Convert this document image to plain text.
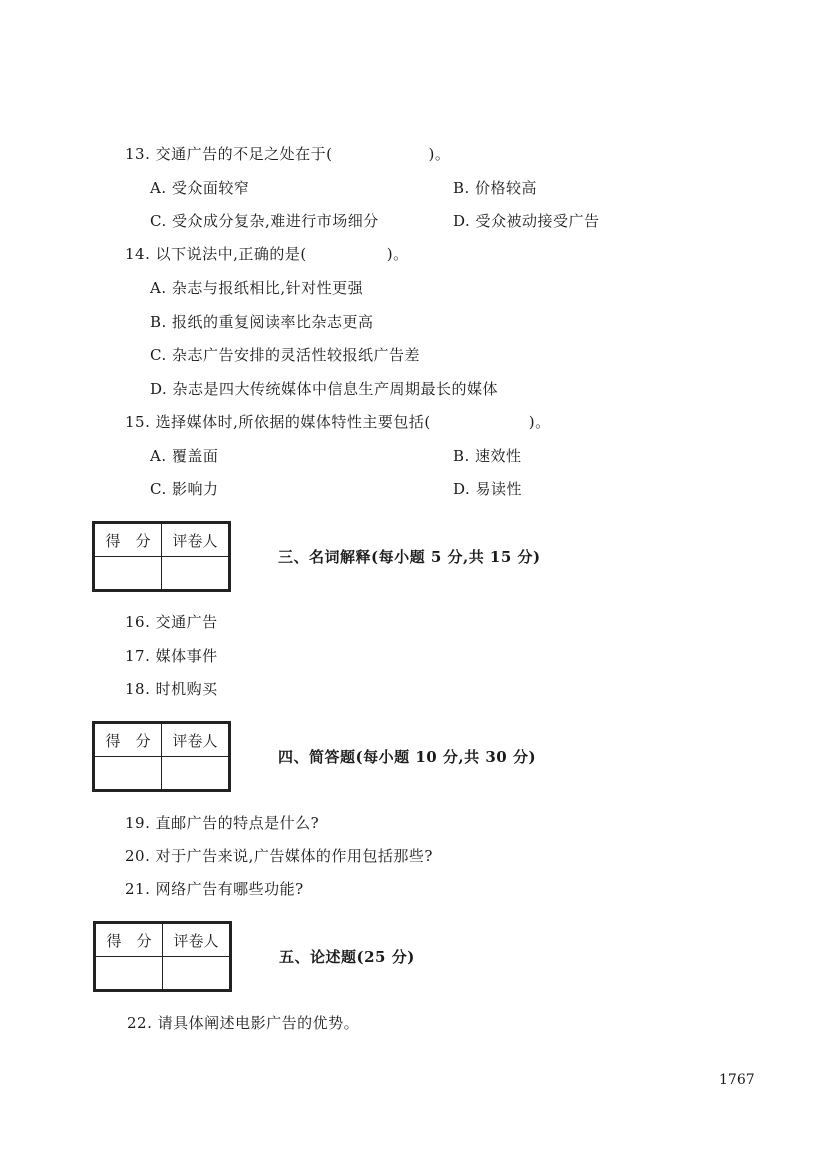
13. 交通广告的不足之处在于(	)。
A. 受众面较窄	B. 价格较高
C. 受众成分复杂,难进行市场细分	D. 受众被动接受广告
14. 以下说法中,正确的是(	)。
A. 杂志与报纸相比,针对性更强
B. 报纸的重复阅读率比杂志更高
C. 杂志广告安排的灵活性较报纸广告差
D. 杂志是四大传统媒体中信息生产周期最长的媒体
15. 选择媒体时,所依据的媒体特性主要包括(	)。
A. 覆盖面	B. 速效性
C. 影响力	D. 易读性
得　分	评卷人

三、名词解释(每小题 5 分,共 15 分)
16. 交通广告
17. 媒体事件
18. 时机购买
得　分	评卷人

四、简答题(每小题 10 分,共 30 分)
19. 直邮广告的特点是什么?
20. 对于广告来说,广告媒体的作用包括那些?
21. 网络广告有哪些功能?
得　分	评卷人

五、论述题(25 分)
22. 请具体阐述电影广告的优势。
1767
